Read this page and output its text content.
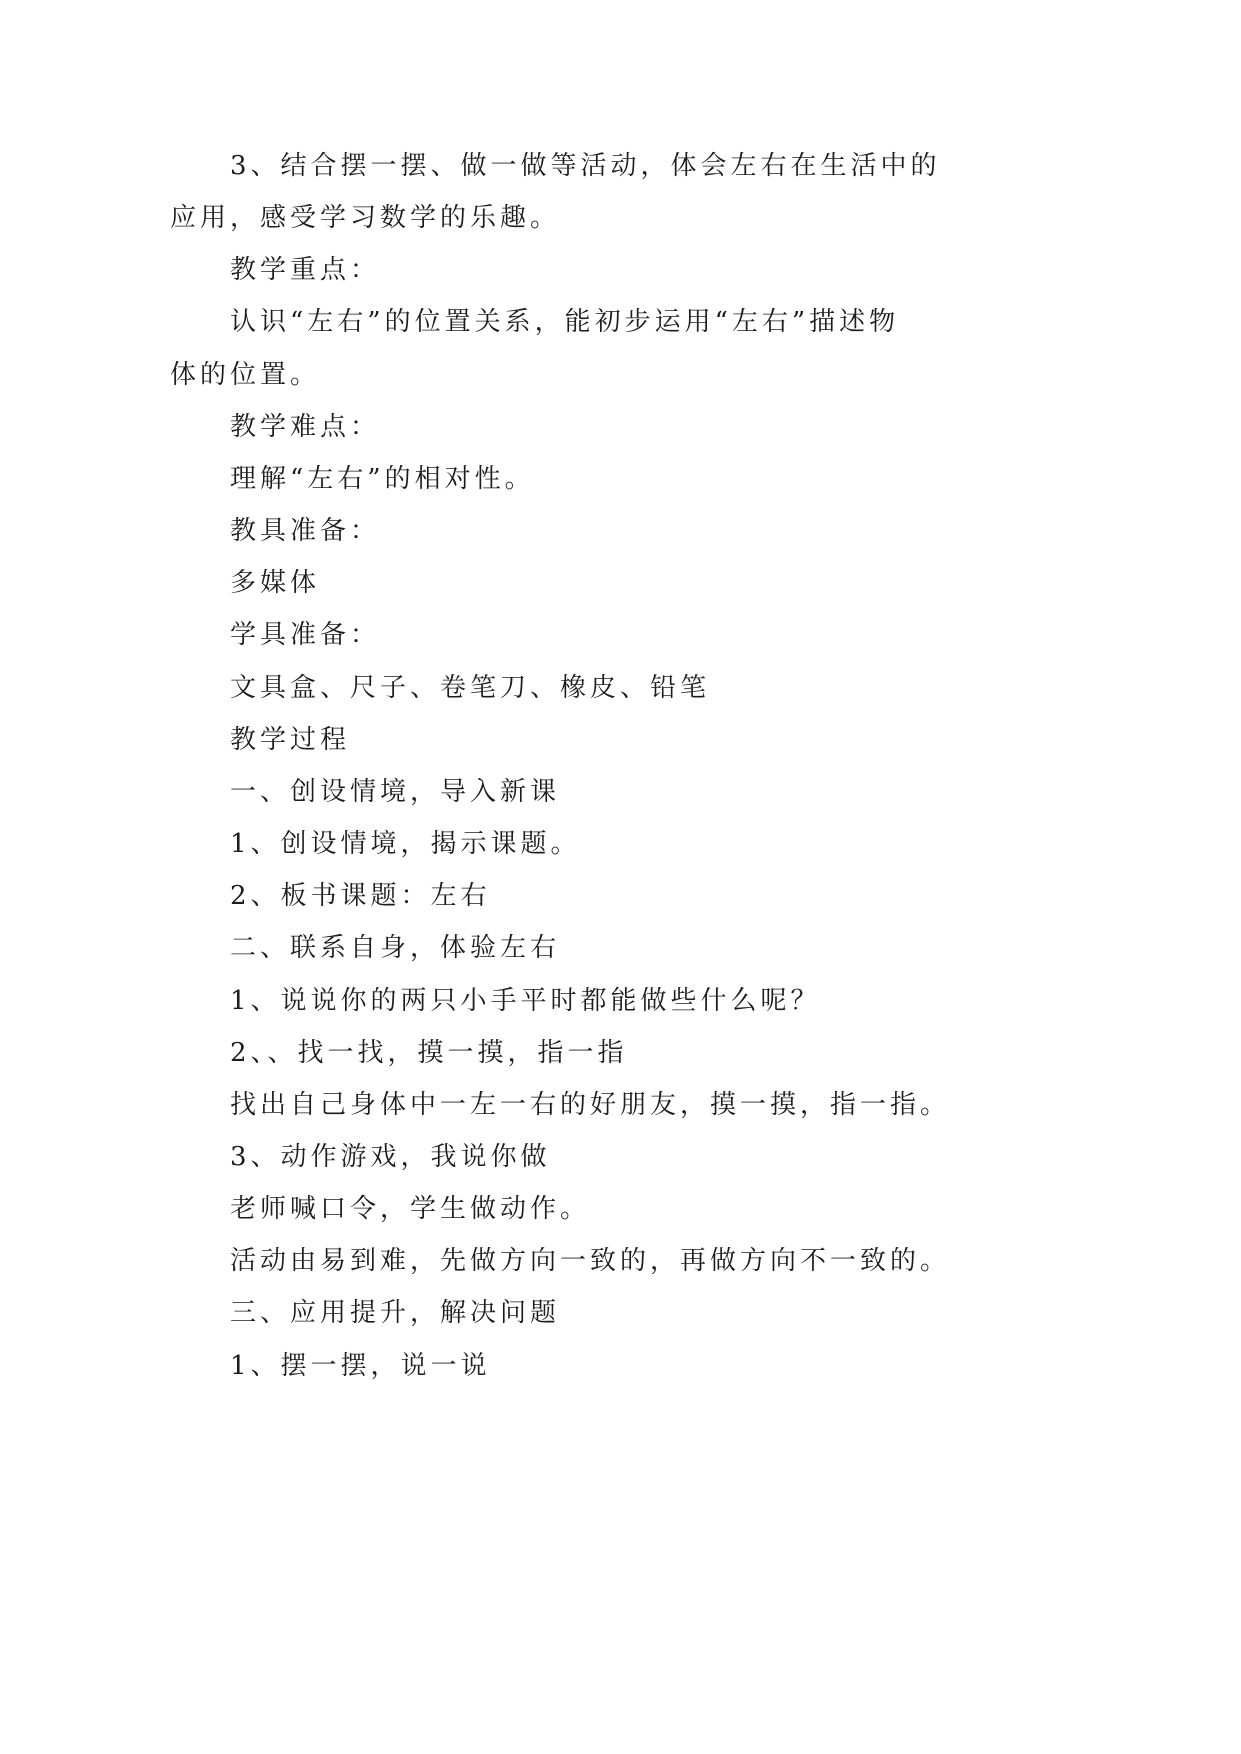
3、结合摆一摆、做一做等活动，体会左右在生活中的
应用，感受学习数学的乐趣。

教学重点：

认识“左右”的位置关系，能初步运用“左右”描述物
体的位置。

教学难点：

理解“左右”的相对性。

教具准备：

多媒体

学具准备：

文具盒、尺子、卷笔刀、橡皮、铅笔

教学过程

一、创设情境，导入新课

1、创设情境，揭示课题。

2、板书课题：左右

二、联系自身，体验左右

1、说说你的两只小手平时都能做些什么呢？

2、、找一找，摸一摸，指一指

找出自己身体中一左一右的好朋友，摸一摸，指一指。

3、动作游戏，我说你做

老师喊口令，学生做动作。

活动由易到难，先做方向一致的，再做方向不一致的。

三、应用提升，解决问题

1、摆一摆，说一说
